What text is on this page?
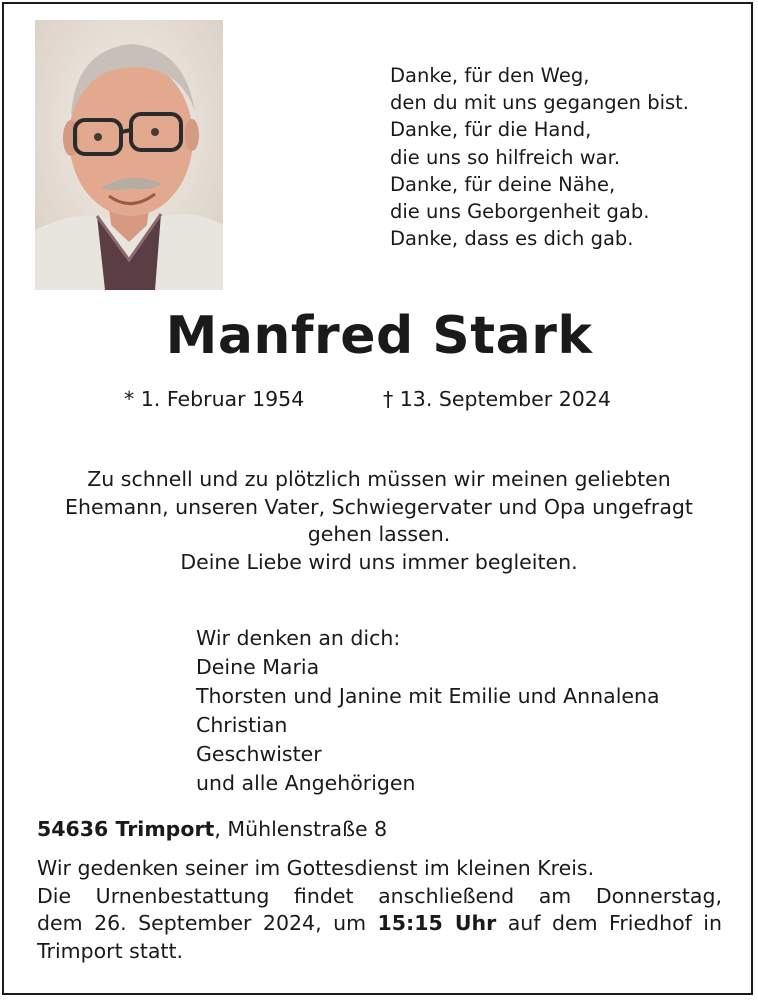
Danke, für den Weg,
den du mit uns gegangen bist.
Danke, für die Hand,
die uns so hilfreich war.
Danke, für deine Nähe,
die uns Geborgenheit gab.
Danke, dass es dich gab.
Manfred Stark
* 1. Februar 1954	† 13. September 2024
Zu schnell und zu plötzlich müssen wir meinen geliebten
Ehemann, unseren Vater, Schwiegervater und Opa ungefragt
gehen lassen.
Deine Liebe wird uns immer begleiten.
Wir denken an dich:
Deine Maria
Thorsten und Janine mit Emilie und Annalena
Christian
Geschwister
und alle Angehörigen
54636 Trimport, Mühlenstraße 8
Wir gedenken seiner im Gottesdienst im kleinen Kreis.
Die Urnenbestattung findet anschließend am Donnerstag,
dem 26. September 2024, um 15:15 Uhr auf dem Friedhof in
Trimport statt.
